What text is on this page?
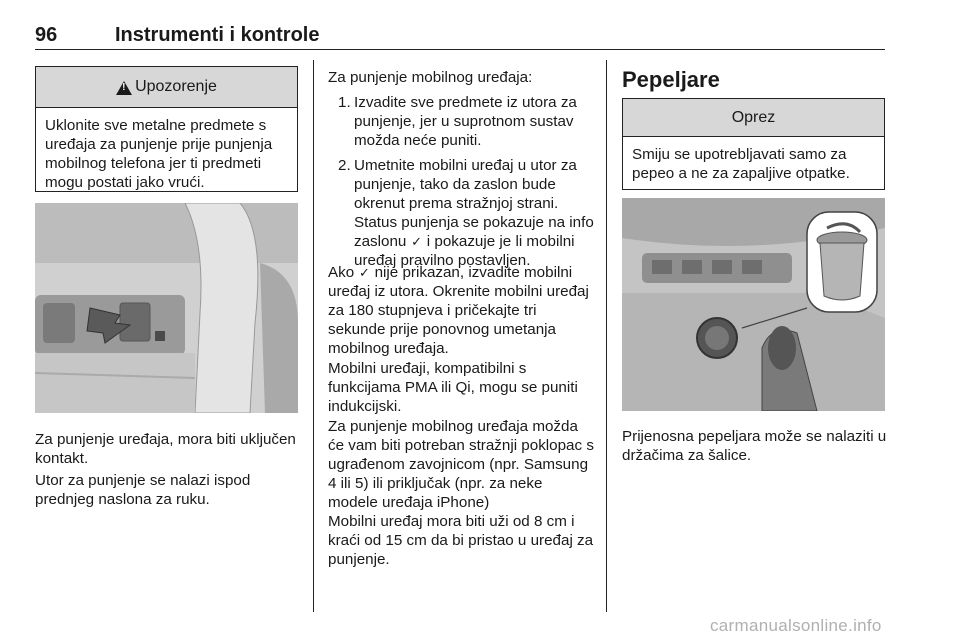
96	Instrumenti i kontrole
!
Upozorenje
Uklonite sve metalne predmete s uređaja za punjenje prije punjenja mobilnog telefona jer ti predmeti mogu postati jako vrući.

Za punjenje uređaja, mora biti uključen kontakt.

Utor za punjenje se nalazi ispod prednjeg naslona za ruku.

Za punjenje mobilnog uređaja:

1. Izvadite sve predmete iz utora za punjenje, jer u suprotnom sustav možda neće puniti.
2. Umetnite mobilni uređaj u utor za punjenje, tako da zaslon bude okrenut prema stražnjoj strani. Status punjenja se pokazuje na info zaslonu ✓ i pokazuje je li mobilni uređaj pravilno postavljen.

Ako ✓ nije prikazan, izvadite mobilni uređaj iz utora. Okrenite mobilni uređaj za 180 stupnjeva i pričekajte tri sekunde prije ponovnog umetanja mobilnog uređaja.

Mobilni uređaji, kompatibilni s funkcijama PMA ili Qi, mogu se puniti indukcijski.

Za punjenje mobilnog uređaja možda će vam biti potreban stražnji poklopac s ugrađenom zavojnicom (npr. Samsung 4 ili 5) ili priključak (npr. za neke modele uređaja iPhone)

Mobilni uređaj mora biti uži od 8 cm i kraći od 15 cm da bi pristao u uređaj za punjenje.

Pepeljare
Oprez
Smiju se upotrebljavati samo za pepeo a ne za zapaljive otpatke.

Prijenosna pepeljara može se nalaziti u držačima za šalice.

carmanualsonline.info
